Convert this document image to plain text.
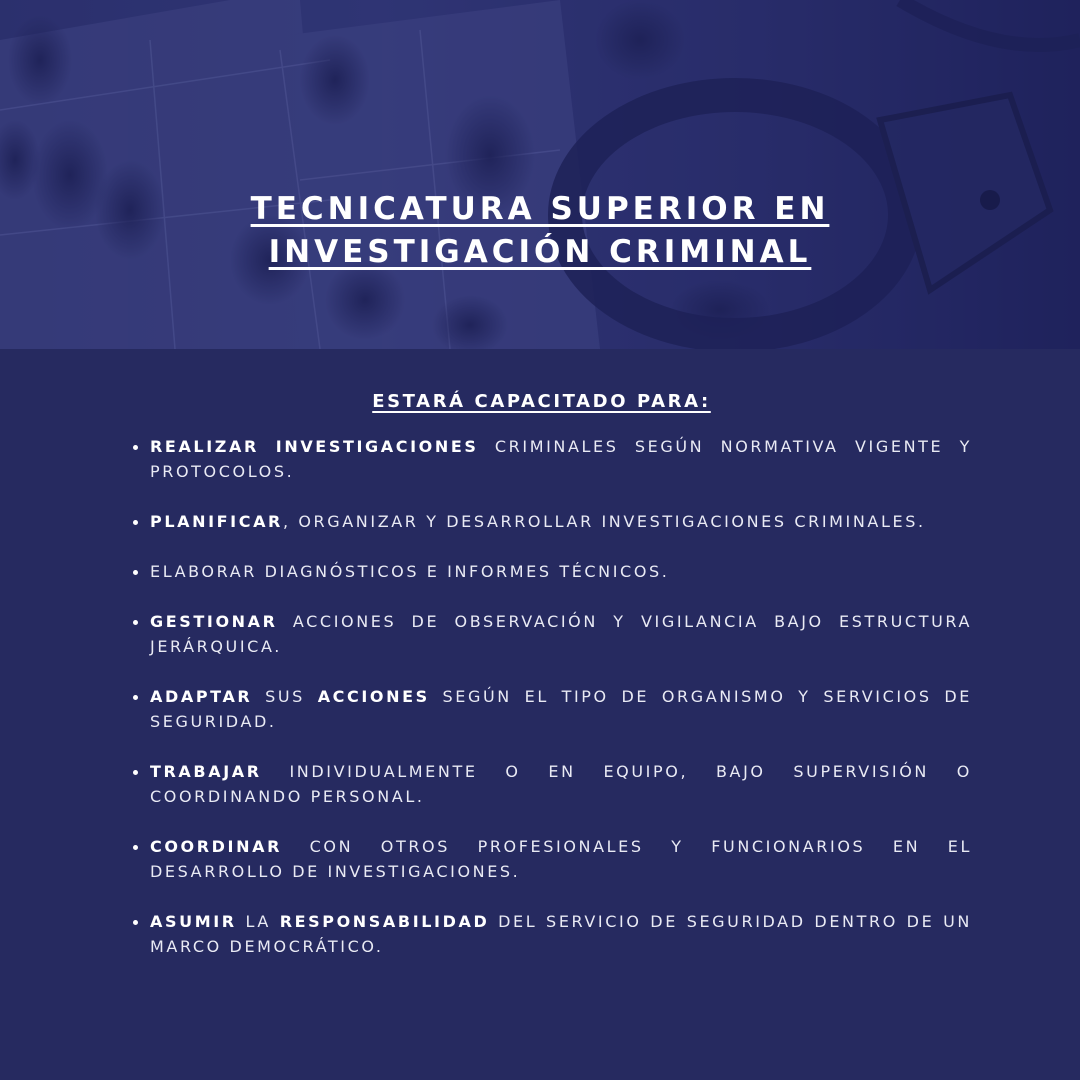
TECNICATURA SUPERIOR EN
INVESTIGACIÓN CRIMINAL
ESTARÁ CAPACITADO PARA:
REALIZAR INVESTIGACIONES CRIMINALES SEGÚN NORMATIVA VIGENTE Y PROTOCOLOS.
PLANIFICAR, ORGANIZAR Y DESARROLLAR INVESTIGACIONES CRIMINALES.
ELABORAR DIAGNÓSTICOS E INFORMES TÉCNICOS.
GESTIONAR ACCIONES DE OBSERVACIÓN Y VIGILANCIA BAJO ESTRUCTURA JERÁRQUICA.
ADAPTAR SUS ACCIONES SEGÚN EL TIPO DE ORGANISMO Y SERVICIOS DE SEGURIDAD.
TRABAJAR INDIVIDUALMENTE O EN EQUIPO, BAJO SUPERVISIÓN O COORDINANDO PERSONAL.
COORDINAR CON OTROS PROFESIONALES Y FUNCIONARIOS EN EL DESARROLLO DE INVESTIGACIONES.
ASUMIR LA RESPONSABILIDAD DEL SERVICIO DE SEGURIDAD DENTRO DE UN MARCO DEMOCRÁTICO.
